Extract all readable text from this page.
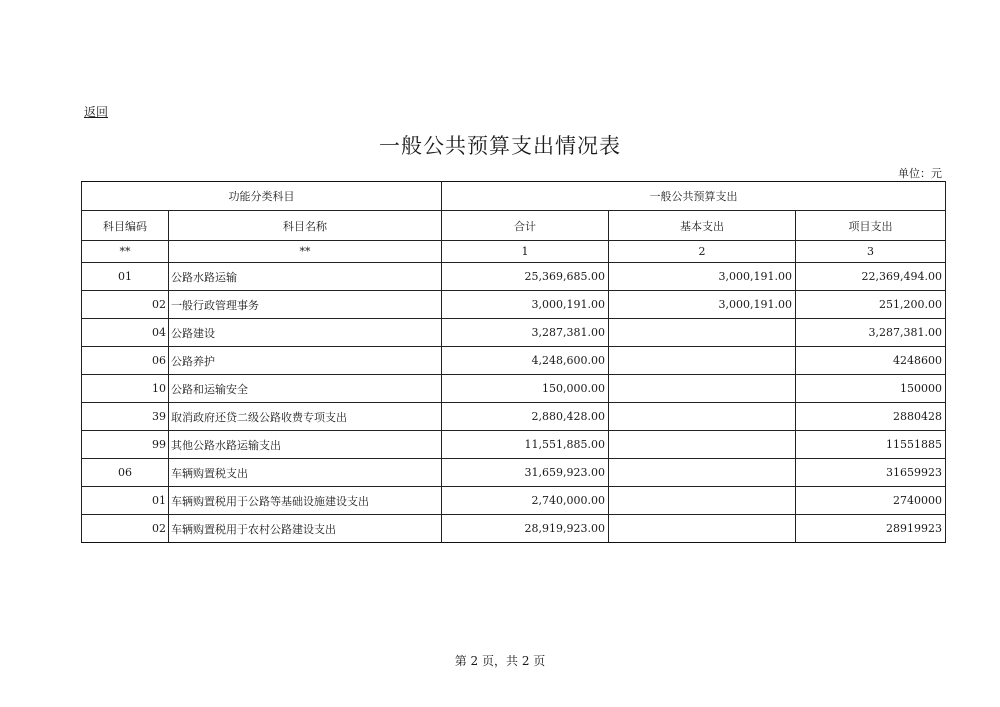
返回
一般公共预算支出情况表
单位：元
功能分类科目		一般公共预算支出		
科目编码	科目名称	合计	基本支出	项目支出
**	**	1	2	3
01	公路水路运输	25,369,685.00	3,000,191.00	22,369,494.00
02	一般行政管理事务	3,000,191.00	3,000,191.00	251,200.00
04	公路建设	3,287,381.00		3,287,381.00
06	公路养护	4,248,600.00		4248600
10	公路和运输安全	150,000.00		150000
39	取消政府还贷二级公路收费专项支出	2,880,428.00		2880428
99	其他公路水路运输支出	11,551,885.00		11551885
06	车辆购置税支出	31,659,923.00		31659923
01	车辆购置税用于公路等基础设施建设支出	2,740,000.00		2740000
02	车辆购置税用于农村公路建设支出	28,919,923.00		28919923
第 2 页，共 2 页
